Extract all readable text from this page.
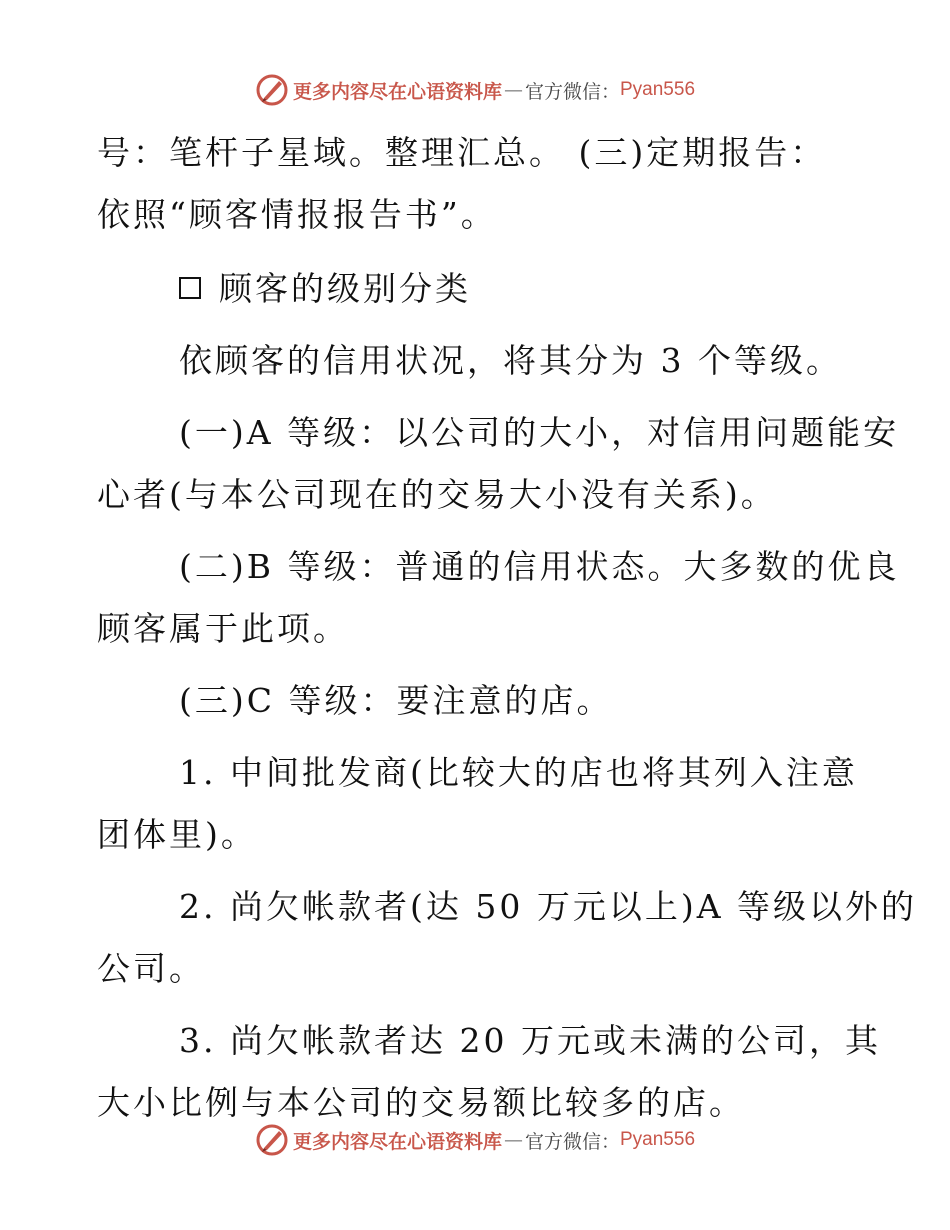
更多内容尽在心语资料库 — 官方微信： Pyan556

号：笔杆子星域。整理汇总。 (三)定期报告：

依照“顾客情报报告书”。

顾客的级别分类

依顾客的信用状况，将其分为 3 个等级。

(一)A 等级：以公司的大小，对信用问题能安

心者(与本公司现在的交易大小没有关系)。

(二)B 等级：普通的信用状态。大多数的优良

顾客属于此项。

(三)C 等级：要注意的店。

1. 中间批发商(比较大的店也将其列入注意

团体里)。

2. 尚欠帐款者(达 50 万元以上)A 等级以外的

公司。

3. 尚欠帐款者达 20 万元或未满的公司，其

大小比例与本公司的交易额比较多的店。

更多内容尽在心语资料库 — 官方微信： Pyan556
